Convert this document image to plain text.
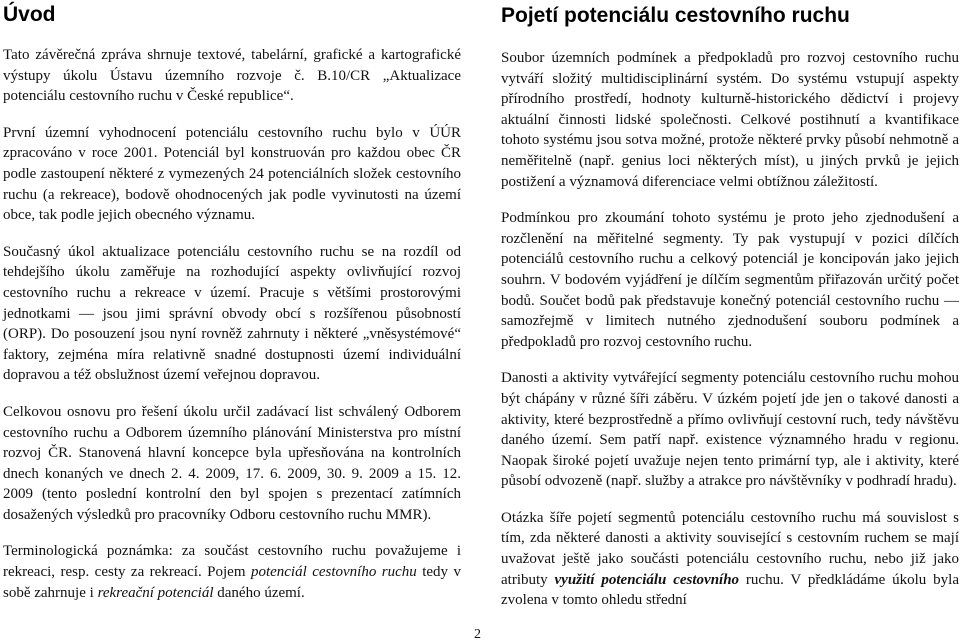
Úvod

Tato závěrečná zpráva shrnuje textové, tabelární, grafické a kartografické výstupy úkolu Ústavu územního rozvoje č. B.10/CR „Aktualizace potenciálu cestovního ruchu v České republice“.

První územní vyhodnocení potenciálu cestovního ruchu bylo v ÚÚR zpracováno v roce 2001. Potenciál byl konstruován pro každou obec ČR podle zastoupení některé z vymezených 24 potenciálních složek cestovního ruchu (a rekreace), bodově ohodnocených jak podle vyvinutosti na území obce, tak podle jejich obecného významu.

Současný úkol aktualizace potenciálu cestovního ruchu se na rozdíl od tehdejšího úkolu zaměřuje na rozhodující aspekty ovlivňující rozvoj cestovního ruchu a rekreace v území. Pracuje s většími prostorovými jednotkami — jsou jimi správní obvody obcí s rozšířenou působností (ORP). Do posouzení jsou nyní rovněž zahrnuty i některé „vněsystémové“ faktory, zejména míra relativně snadné dostupnosti území individuální dopravou a též obslužnost území veřejnou dopravou.

Celkovou osnovu pro řešení úkolu určil zadávací list schválený Odborem cestovního ruchu a Odborem územního plánování Ministerstva pro místní rozvoj ČR. Stanovená hlavní koncepce byla upřesňována na kontrolních dnech konaných ve dnech 2. 4. 2009, 17. 6. 2009, 30. 9. 2009 a 15. 12. 2009 (tento poslední kontrolní den byl spojen s prezentací zatímních dosažených výsledků pro pracovníky Odboru cestovního ruchu MMR).

Terminologická poznámka: za součást cestovního ruchu považujeme i rekreaci, resp. cesty za rekreací. Pojem potenciál cestovního ruchu tedy v sobě zahrnuje i rekreační potenciál daného území.

Pojetí potenciálu cestovního ruchu

Soubor územních podmínek a předpokladů pro rozvoj cestovního ruchu vytváří složitý multidisciplinární systém. Do systému vstupují aspekty přírodního prostředí, hodnoty kulturně-historického dědictví i projevy aktuální činnosti lidské společnosti. Celkové postihnutí a kvantifikace tohoto systému jsou sotva možné, protože některé prvky působí nehmotně a neměřitelně (např. genius loci některých míst), u jiných prvků je jejich postižení a významová diferenciace velmi obtížnou záležitostí.

Podmínkou pro zkoumání tohoto systému je proto jeho zjednodušení a rozčlenění na měřitelné segmenty. Ty pak vystupují v pozici dílčích potenciálů cestovního ruchu a celkový potenciál je koncipován jako jejich souhrn. V bodovém vyjádření je dílčím segmentům přiřazován určitý počet bodů. Součet bodů pak představuje konečný potenciál cestovního ruchu — samozřejmě v limitech nutného zjednodušení souboru podmínek a předpokladů pro rozvoj cestovního ruchu.

Danosti a aktivity vytvářející segmenty potenciálu cestovního ruchu mohou být chápány v různé šíři záběru. V úzkém pojetí jde jen o takové danosti a aktivity, které bezprostředně a přímo ovlivňují cestovní ruch, tedy návštěvu daného území. Sem patří např. existence významného hradu v regionu. Naopak široké pojetí uvažuje nejen tento primární typ, ale i aktivity, které působí odvozeně (např. služby a atrakce pro návštěvníky v podhradí hradu).

Otázka šíře pojetí segmentů potenciálu cestovního ruchu má souvislost s tím, zda některé danosti a aktivity související s cestovním ruchem se mají uvažovat ještě jako součásti potenciálu cestovního ruchu, nebo již jako atributy využití potenciálu cestovního ruchu. V předkládáme úkolu byla zvolena v tomto ohledu střední

2
